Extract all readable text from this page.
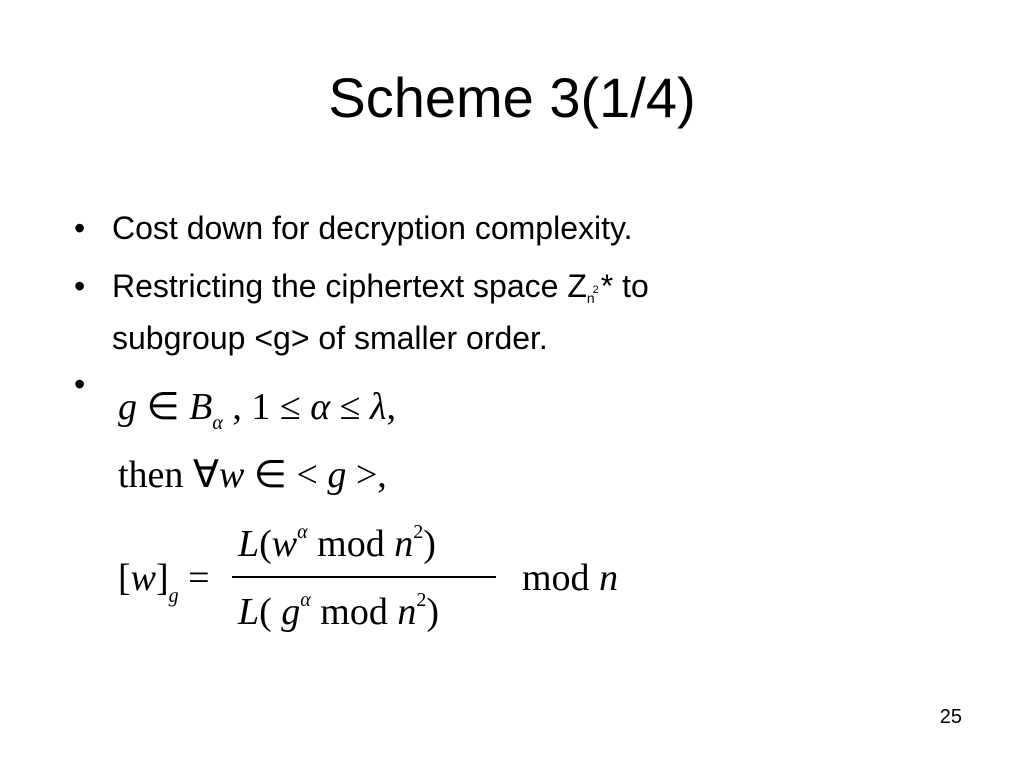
Scheme 3(1/4)
• Cost down for decryption complexity.
• Restricting the ciphertext space Zn$^2$* to
subgroup <g> of smaller order.
•
g ∈ $B_\alpha$ , 1 ≤ α ≤ λ,
then ∀w ∈ < g >,
$[w]_g$ =
$L(w^\alpha$ mod $n^2$)
L( $g^\alpha$ mod $n^2$)
mod n
25
